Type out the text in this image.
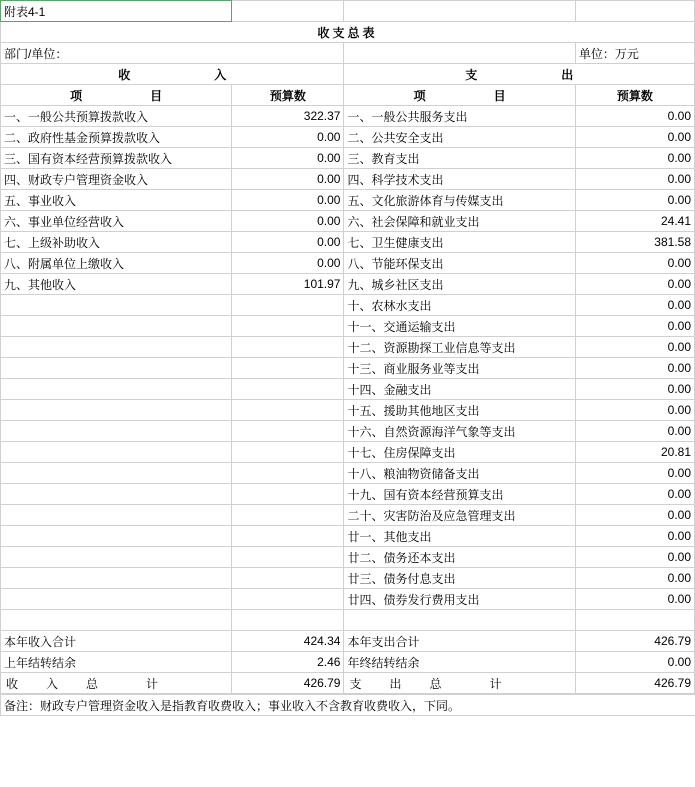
附表4-1			
收支总表			
部门/单位：			单位：万元
收　　　入		支　　　出	
项　　　目	预算数	项　　　目	预算数
一、一般公共预算拨款收入	322.37	一、一般公共服务支出	0.00
二、政府性基金预算拨款收入	0.00	二、公共安全支出	0.00
三、国有资本经营预算拨款收入	0.00	三、教育支出	0.00
四、财政专户管理资金收入	0.00	四、科学技术支出	0.00
五、事业收入	0.00	五、文化旅游体育与传媒支出	0.00
六、事业单位经营收入	0.00	六、社会保障和就业支出	24.41
七、上级补助收入	0.00	七、卫生健康支出	381.58
八、附属单位上缴收入	0.00	八、节能环保支出	0.00
九、其他收入	101.97	九、城乡社区支出	0.00
		十、农林水支出	0.00
		十一、交通运输支出	0.00
		十二、资源勘探工业信息等支出	0.00
		十三、商业服务业等支出	0.00
		十四、金融支出	0.00
		十五、援助其他地区支出	0.00
		十六、自然资源海洋气象等支出	0.00
		十七、住房保障支出	20.81
		十八、粮油物资储备支出	0.00
		十九、国有资本经营预算支出	0.00
		二十、灾害防治及应急管理支出	0.00
		廿一、其他支出	0.00
		廿二、债务还本支出	0.00
		廿三、债务付息支出	0.00
		廿四、债券发行费用支出	0.00

本年收入合计	424.34	本年支出合计	426.79
上年结转结余	2.46	年终结转结余	0.00
收　入　总　　计	426.79	支　出　总　　计	426.79
备注：财政专户管理资金收入是指教育收费收入；事业收入不含教育收费收入，下同。
